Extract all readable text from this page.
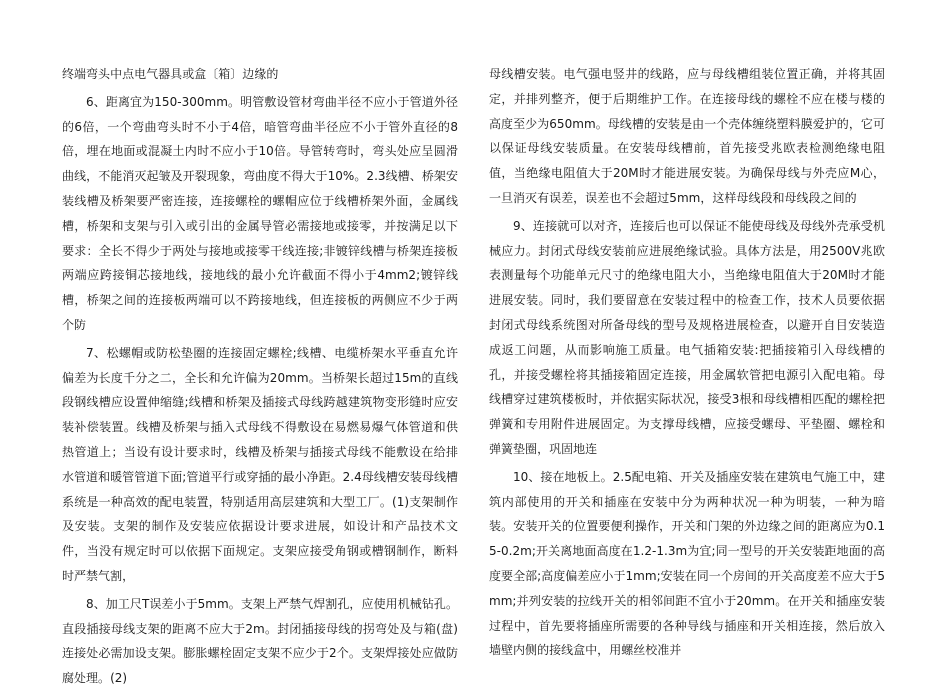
终端弯头中点电气器具或盒〔箱〕边缘的

6、距离宜为150-300mm。明管敷设管材弯曲半径不应小于管道外径的6倍，一个弯曲弯头时不小于4倍，暗管弯曲半径应不小于管外直径的8倍，埋在地面或混凝土内时不应小于10倍。导管转弯时，弯头处应呈圆滑曲线，不能消灭起皱及开裂现象，弯曲度不得大于10%。2.3线槽、桥架安装线槽及桥架要严密连接，连接螺栓的螺帽应位于线槽桥架外面，金属线槽，桥架和支架与引入或引出的金属导管必需接地或接零，并按满足以下要求：全长不得少于两处与接地或接零干线连接;非镀锌线槽与桥架连接板两端应跨接铜芯接地线，接地线的最小允许截面不得小于4mm2;镀锌线槽，桥架之间的连接板两端可以不跨接地线，但连接板的两侧应不少于两个防

7、松螺帽或防松垫圈的连接固定螺栓;线槽、电缆桥架水平垂直允许偏差为长度千分之二，全长和允许偏为20mm。当桥架长超过15m的直线段钢线槽应设置伸缩缝;线槽和桥架及插接式母线跨越建筑物变形缝时应安装补偿装置。线槽及桥架与插入式母线不得敷设在易燃易爆气体管道和供热管道上；当设有设计要求时，线槽及桥架与插接式母线不能敷设在给排水管道和暖管管道下面;管道平行或穿插的最小净距。2.4母线槽安装母线槽系统是一种高效的配电装置，特别适用高层建筑和大型工厂。(1)支架制作及安装。支架的制作及安装应依据设计要求进展，如设计和产品技术文件，当没有规定时可以依据下面规定。支架应接受角钢或槽钢制作，断料时严禁气割，

8、加工尺T误差小于5mm。支架上严禁气焊割孔，应使用机械钻孔。直段插接母线支架的距离不应大于2m。封闭插接母线的拐弯处及与箱(盘)连接处必需加设支架。膨胀螺栓固定支架不应少于2个。支架焊接处应做防腐处理。(2)

母线槽安装。电气强电竖井的线路，应与母线槽组装位置正确，并将其固定，并排列整齐，便于后期维护工作。在连接母线的螺栓不应在楼与楼的高度至少为650mm。母线槽的安装是由一个壳体缠绕塑料膜爱护的，它可以保证母线安装质量。在安装母线槽前，首先接受兆欧表检测绝缘电阻值，当绝缘电阻值大于20M时才能进展安装。为确保母线与外壳应M心，一旦消灭有误差，误差也不会超过5mm，这样母线段和母线段之间的

9、连接就可以对齐，连接后也可以保证不能使母线及母线外壳承受机械应力。封闭式母线安装前应进展绝缘试验。具体方法是，用2500V兆欧表测量每个功能单元尺寸的绝缘电阻大小，当绝缘电阻值大于20M时才能进展安装。同时，我们要留意在安装过程中的检查工作，技术人员要依据封闭式母线系统图对所备母线的型号及规格进展检查，以避开自目安装造成返工问题，从而影响施工质量。电气插箱安装:把插接箱引入母线槽的孔，并接受螺栓将其插接箱固定连接，用金属软管把电源引入配电箱。母线槽穿过建筑楼板时，并依据实际状况，接受3根和母线槽相匹配的螺栓把弹簧和专用附件进展固定。为支撑母线槽，应接受螺母、平垫圈、螺栓和弹簧垫圈，巩固地连

10、接在地板上。2.5配电箱、开关及插座安装在建筑电气施工中，建筑内部使用的开关和插座在安装中分为两种状况一种为明装，一种为暗装。安装开关的位置要便利操作，开关和门架的外边缘之间的距离应为0.15-0.2m;开关离地面高度在1.2-1.3m为宜;同一型号的开关安装距地面的高度要全部;高度偏差应小于1mm;安装在同一个房间的开关高度差不应大于5mm;并列安装的拉线开关的相邻间距不宜小于20mm。在开关和插座安装过程中，首先要将插座所需要的各种导线与插座和开关相连接，然后放入墙壁内侧的接线盒中，用螺丝校准并
